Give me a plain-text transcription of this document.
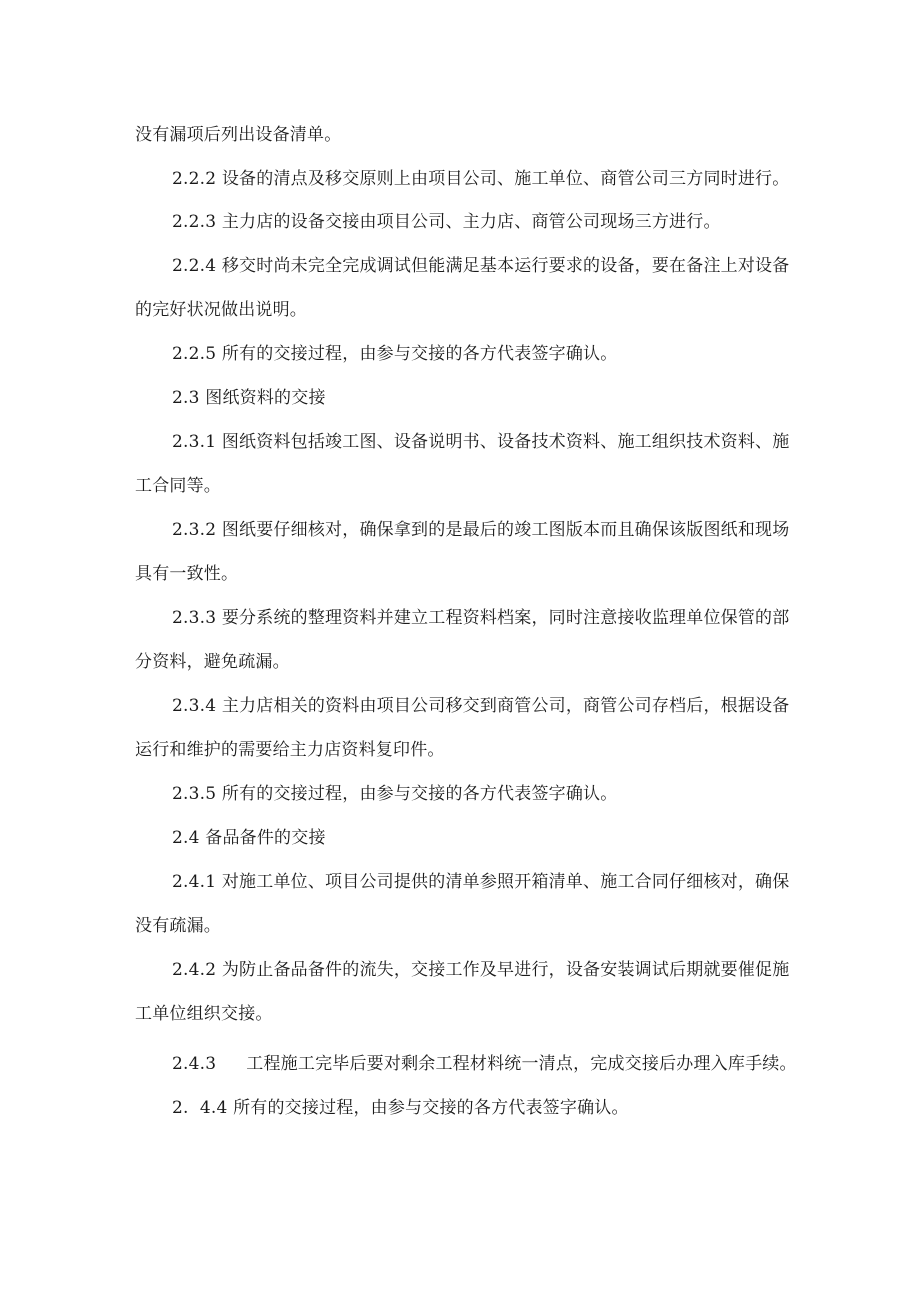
没有漏项后列出设备清单。
2.2.2 设备的清点及移交原则上由项目公司、施工单位、商管公司三方同时进行。
2.2.3 主力店的设备交接由项目公司、主力店、商管公司现场三方进行。
2.2.4 移交时尚未完全完成调试但能满足基本运行要求的设备，要在备注上对设备
的完好状况做出说明。
2.2.5 所有的交接过程，由参与交接的各方代表签字确认。
2.3 图纸资料的交接
2.3.1 图纸资料包括竣工图、设备说明书、设备技术资料、施工组织技术资料、施
工合同等。
2.3.2 图纸要仔细核对，确保拿到的是最后的竣工图版本而且确保该版图纸和现场
具有一致性。
2.3.3 要分系统的整理资料并建立工程资料档案，同时注意接收监理单位保管的部
分资料，避免疏漏。
2.3.4 主力店相关的资料由项目公司移交到商管公司，商管公司存档后，根据设备
运行和维护的需要给主力店资料复印件。
2.3.5 所有的交接过程，由参与交接的各方代表签字确认。
2.4 备品备件的交接
2.4.1 对施工单位、项目公司提供的清单参照开箱清单、施工合同仔细核对，确保
没有疏漏。
2.4.2 为防止备品备件的流失，交接工作及早进行，设备安装调试后期就要催促施
工单位组织交接。
2.4.3 工程施工完毕后要对剩余工程材料统一清点，完成交接后办理入库手续。
2. 4.4 所有的交接过程，由参与交接的各方代表签字确认。
